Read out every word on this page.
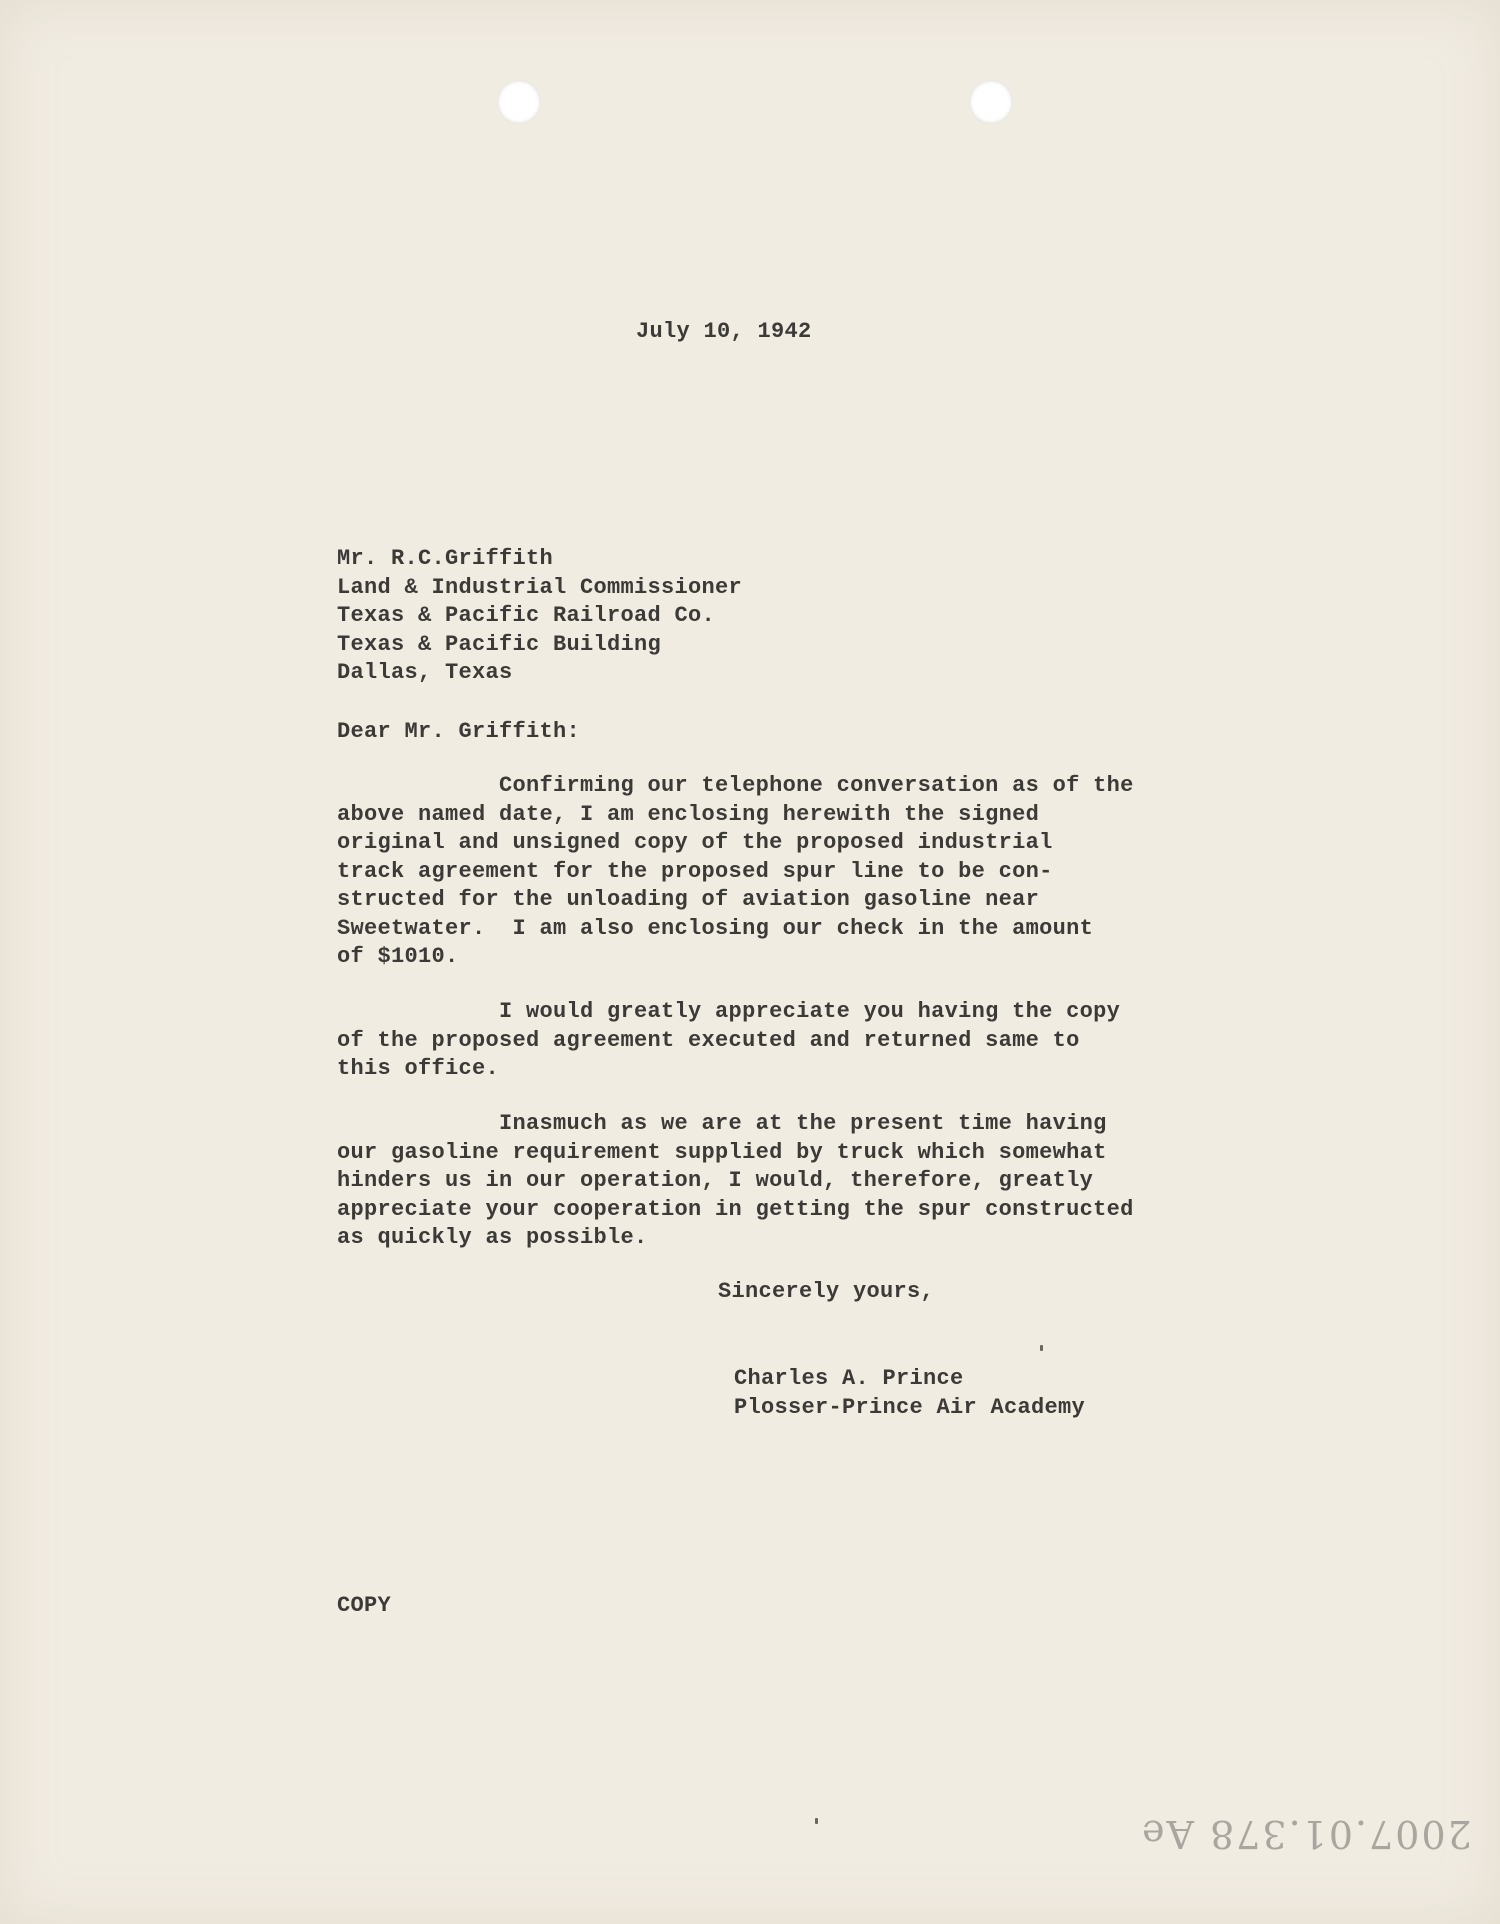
July 10, 1942
Mr. R.C.Griffith
Land & Industrial Commissioner
Texas & Pacific Railroad Co.
Texas & Pacific Building
Dallas, Texas
Dear Mr. Griffith:
Confirming our telephone conversation as of the
above named date, I am enclosing herewith the signed
original and unsigned copy of the proposed industrial
track agreement for the proposed spur line to be con-
structed for the unloading of aviation gasoline near
Sweetwater.  I am also enclosing our check in the amount
of $1010.
I would greatly appreciate you having the copy
of the proposed agreement executed and returned same to
this office.
Inasmuch as we are at the present time having
our gasoline requirement supplied by truck which somewhat
hinders us in our operation, I would, therefore, greatly
appreciate your cooperation in getting the spur constructed
as quickly as possible.
Sincerely yours,
Charles A. Prince
Plosser-Prince Air Academy
COPY
2007.01.378 Ae
